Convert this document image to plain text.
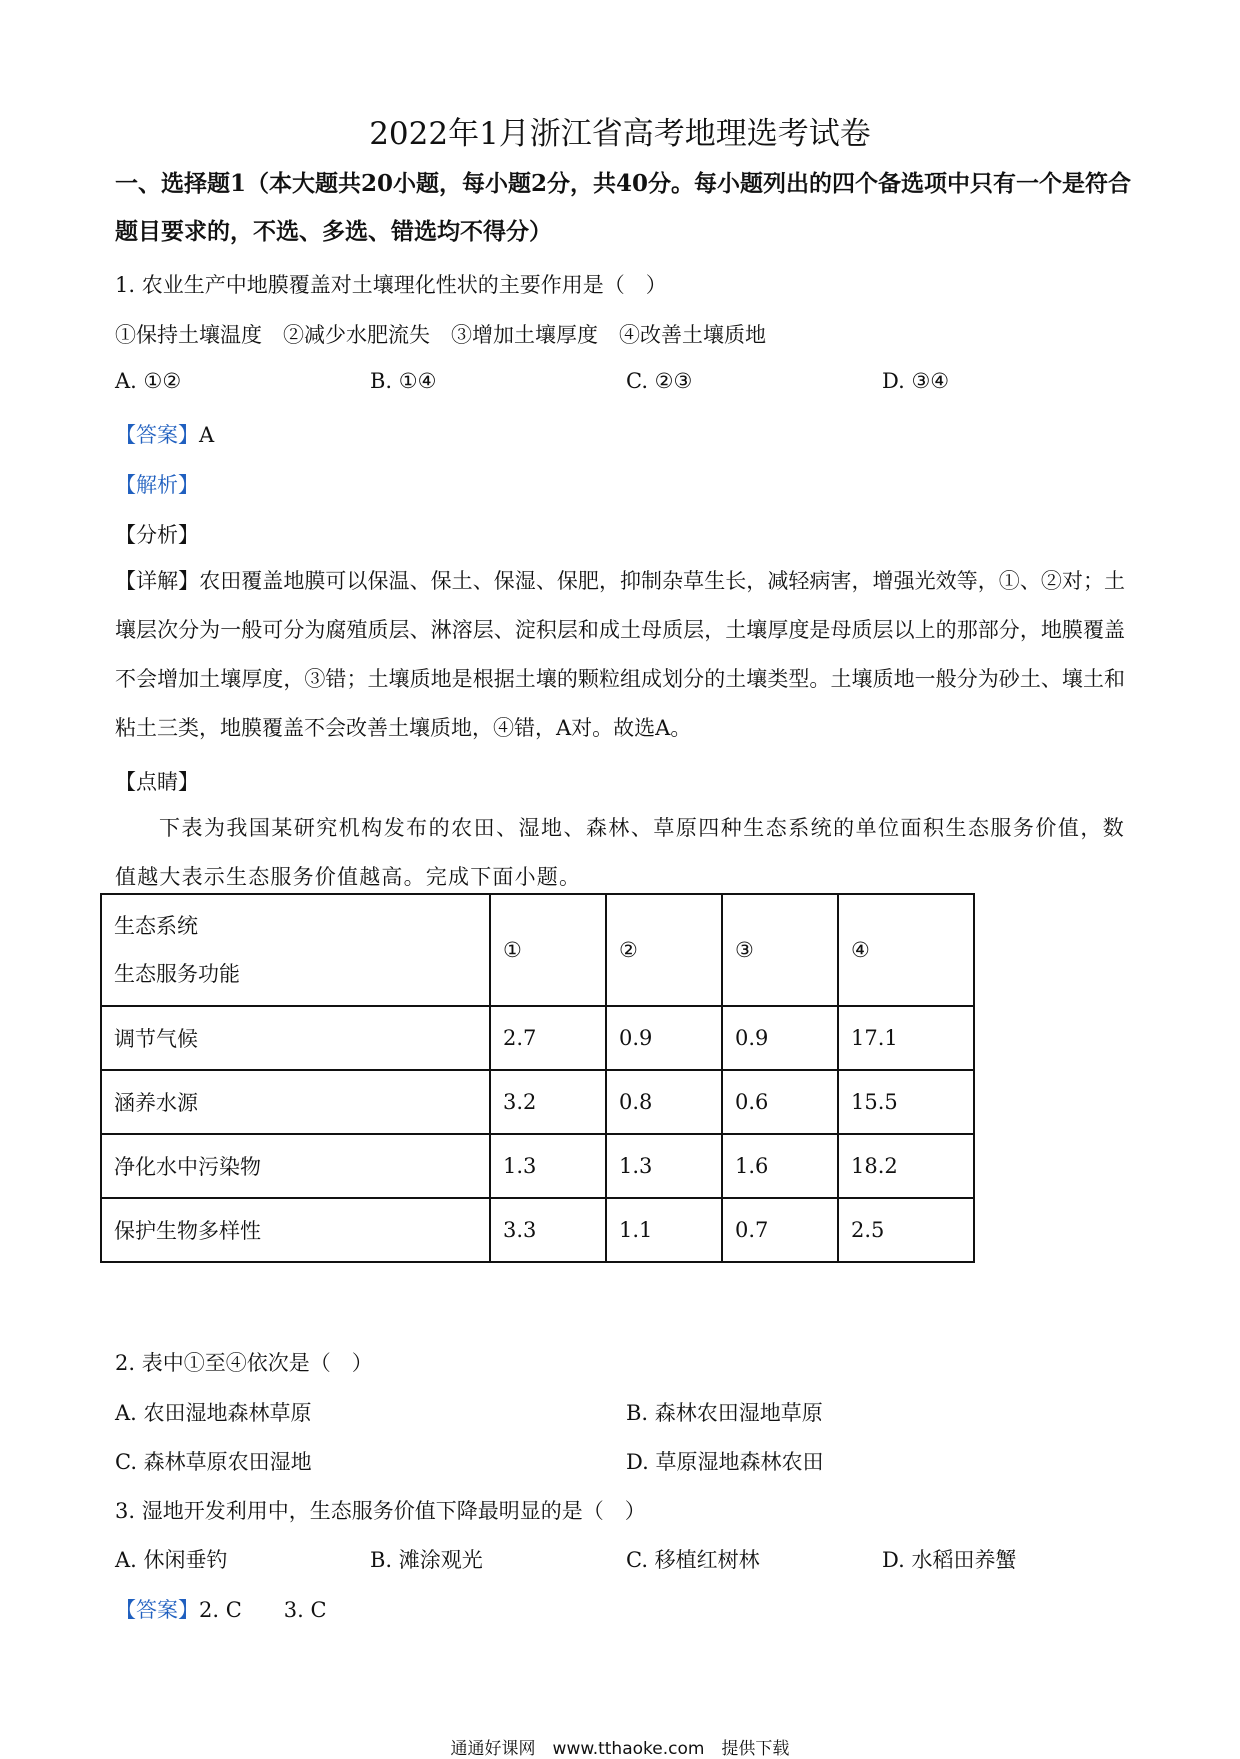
2022年1月浙江省高考地理选考试卷
一、选择题1（本大题共20小题，每小题2分，共40分。每小题列出的四个备选项中只有一个是符合题目要求的，不选、多选、错选均不得分）
1. 农业生产中地膜覆盖对土壤理化性状的主要作用是（　）
①保持土壤温度　②减少水肥流失　③增加土壤厚度　④改善土壤质地
A. ①②	B. ①④	C. ②③	D. ③④
【答案】A
【解析】
【分析】
【详解】农田覆盖地膜可以保温、保土、保湿、保肥，抑制杂草生长，减轻病害，增强光效等，①、②对；土壤层次分为一般可分为腐殖质层、淋溶层、淀积层和成土母质层，土壤厚度是母质层以上的那部分，地膜覆盖不会增加土壤厚度，③错；土壤质地是根据土壤的颗粒组成划分的土壤类型。土壤质地一般分为砂土、壤土和粘土三类，地膜覆盖不会改善土壤质地，④错，A对。故选A。
【点睛】
下表为我国某研究机构发布的农田、湿地、森林、草原四种生态系统的单位面积生态服务价值，数值越大表示生态服务价值越高。完成下面小题。
生态系统
生态服务功能	①	②	③	④
调节气候	2.7	0.9	0.9	17.1
涵养水源	3.2	0.8	0.6	15.5
净化水中污染物	1.3	1.3	1.6	18.2
保护生物多样性	3.3	1.1	0.7	2.5
2. 表中①至④依次是（　）
A. 农田湿地森林草原	B. 森林农田湿地草原
C. 森林草原农田湿地	D. 草原湿地森林农田
3. 湿地开发利用中，生态服务价值下降最明显的是（　）
A. 休闲垂钓	B. 滩涂观光	C. 移植红树林	D. 水稻田养蟹
【答案】2. C　　3. C
通通好课网　www.tthaoke.com　提供下载
